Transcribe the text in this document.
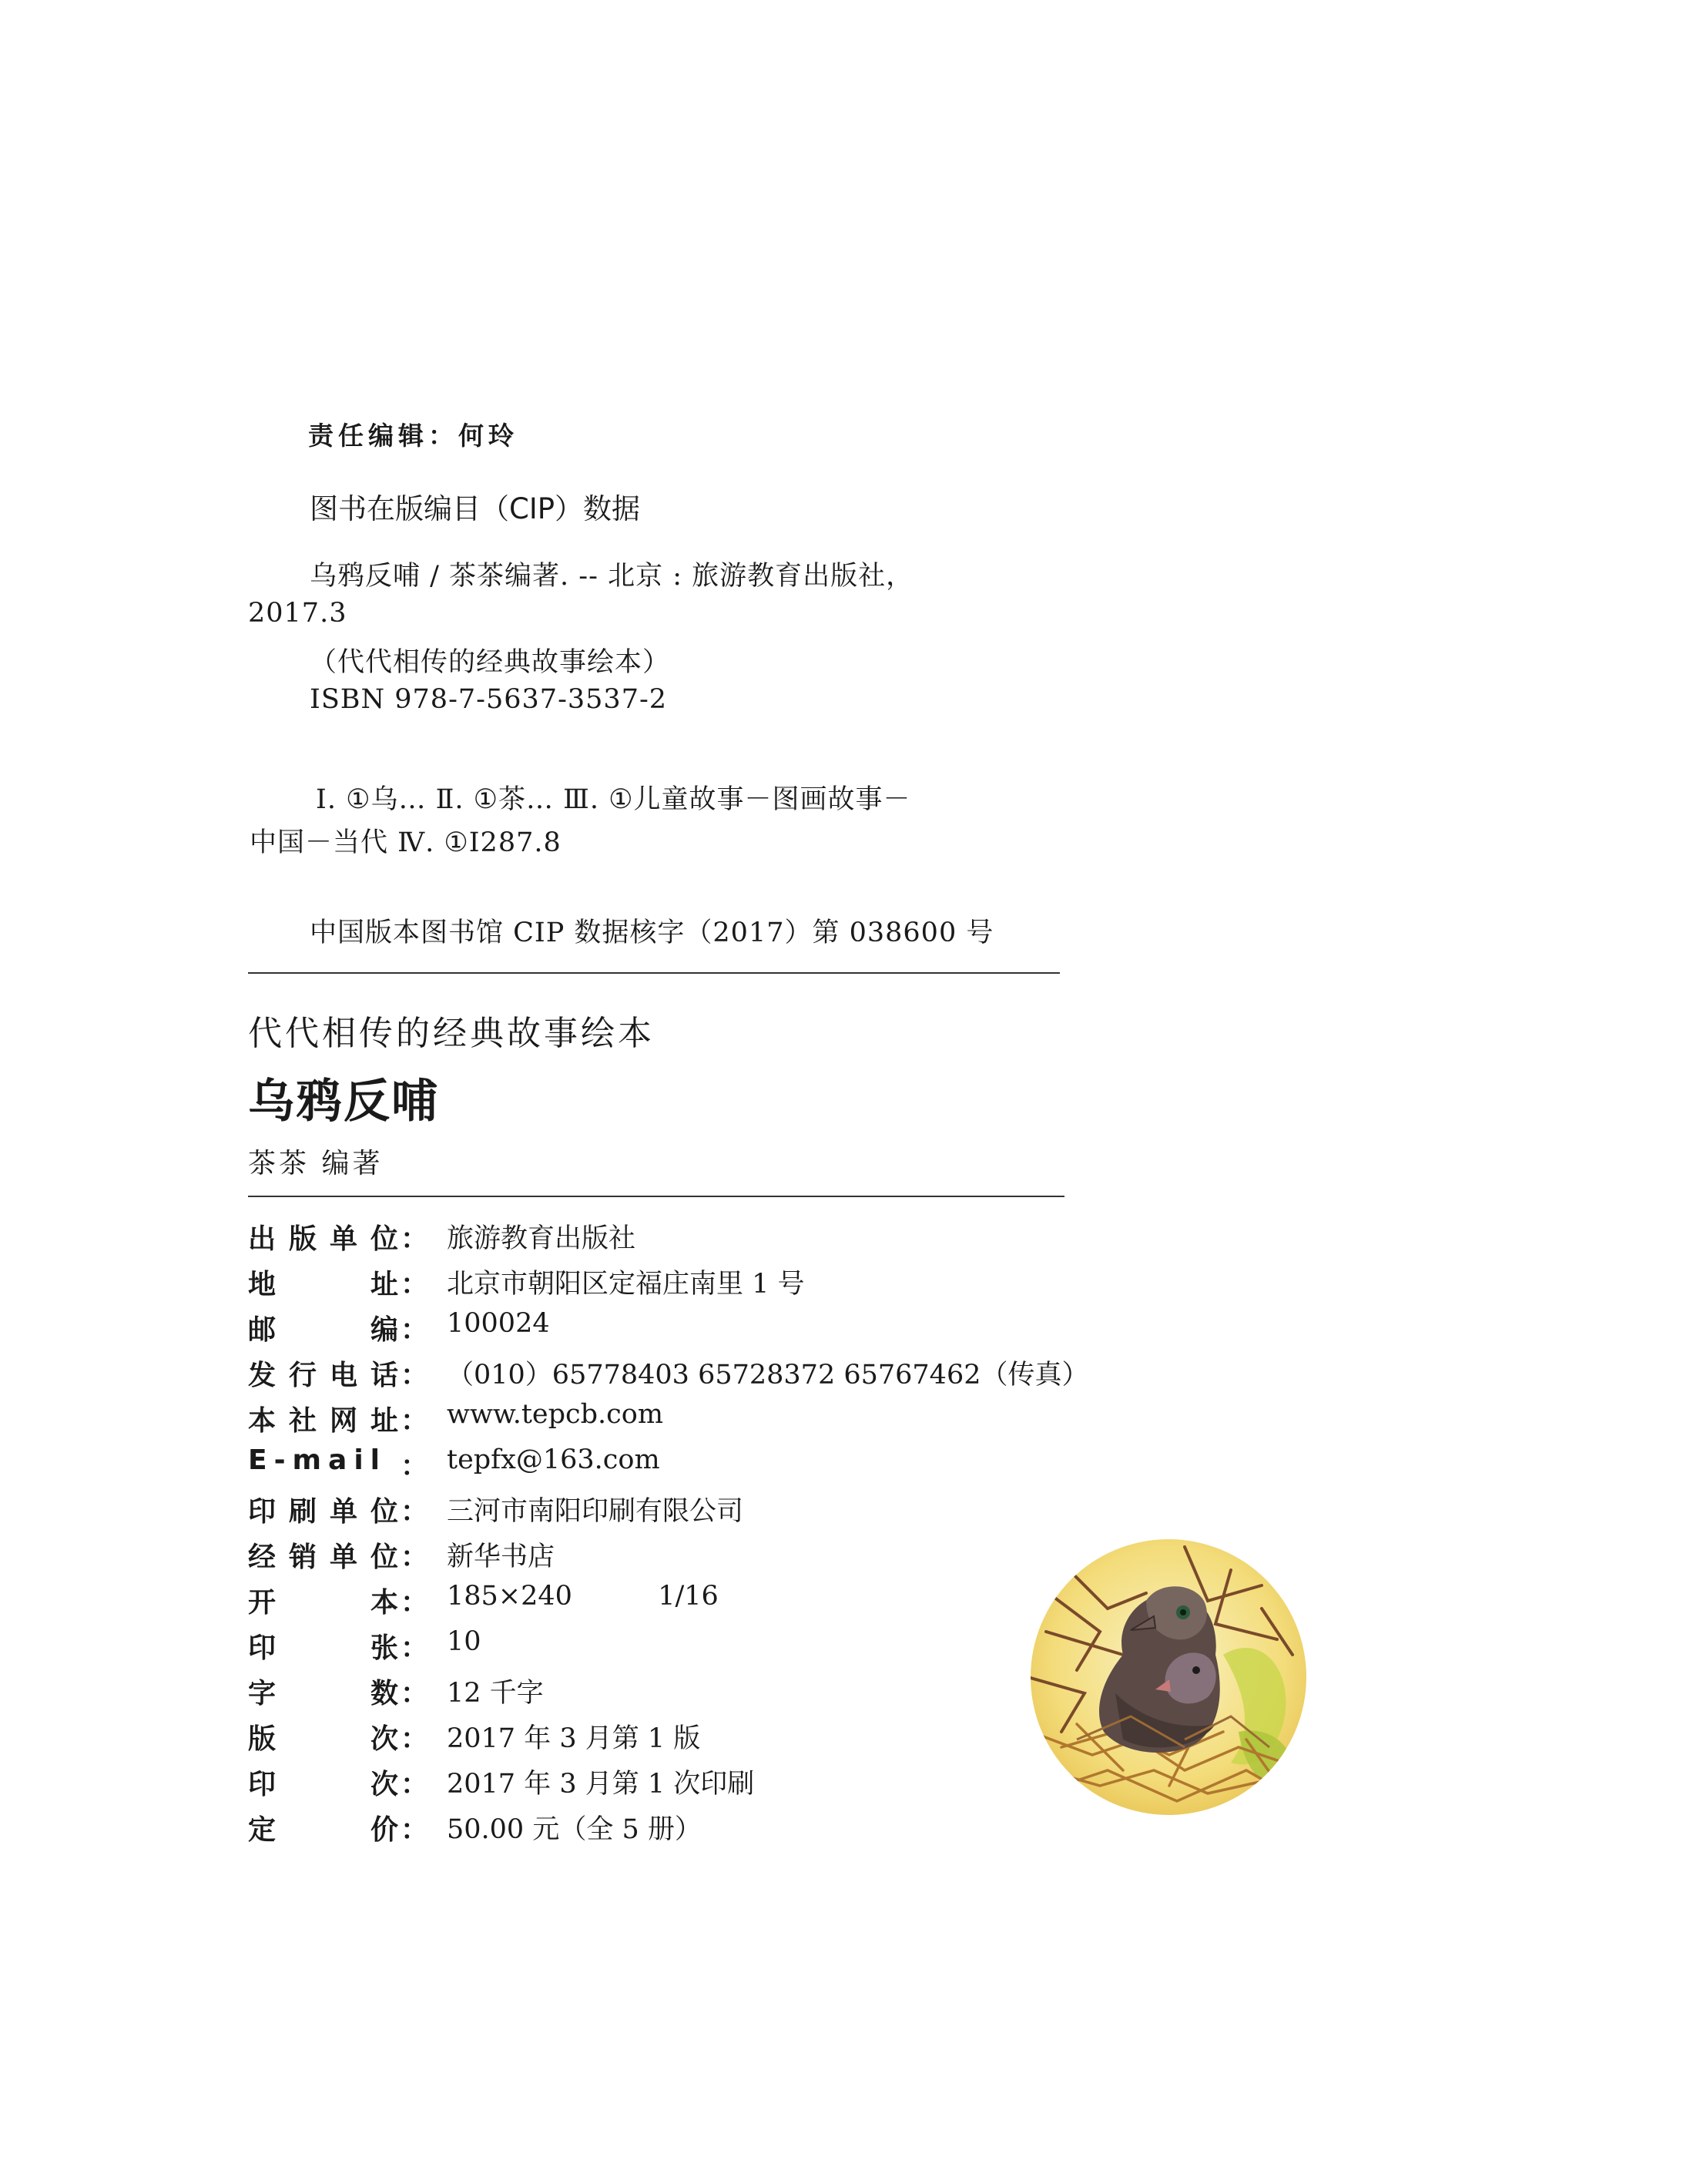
责任编辑：何玲
图书在版编目（CIP）数据
乌鸦反哺 / 茶茶编著. -- 北京 : 旅游教育出版社，
2017.3
（代代相传的经典故事绘本）
ISBN 978-7-5637-3537-2
Ⅰ. ①乌… Ⅱ. ①茶… Ⅲ. ①儿童故事－图画故事－
中国－当代 Ⅳ. ①I287.8
中国版本图书馆 CIP 数据核字（2017）第 038600 号
代代相传的经典故事绘本
乌鸦反哺
茶茶 编著
出版单位 ： 旅游教育出版社
地址 ： 北京市朝阳区定福庄南里 1 号
邮编 ： 100024
发行电话 ： （010）65778403 65728372 65767462（传真）
本社网址 ： www.tepcb.com
E-mail ： tepfx@163.com
印刷单位 ： 三河市南阳印刷有限公司
经销单位 ： 新华书店
开本 ： 185×240          1/16
印张 ： 10
字数 ： 12 千字
版次 ： 2017 年 3 月第 1 版
印次 ： 2017 年 3 月第 1 次印刷
定价 ： 50.00 元（全 5 册）
